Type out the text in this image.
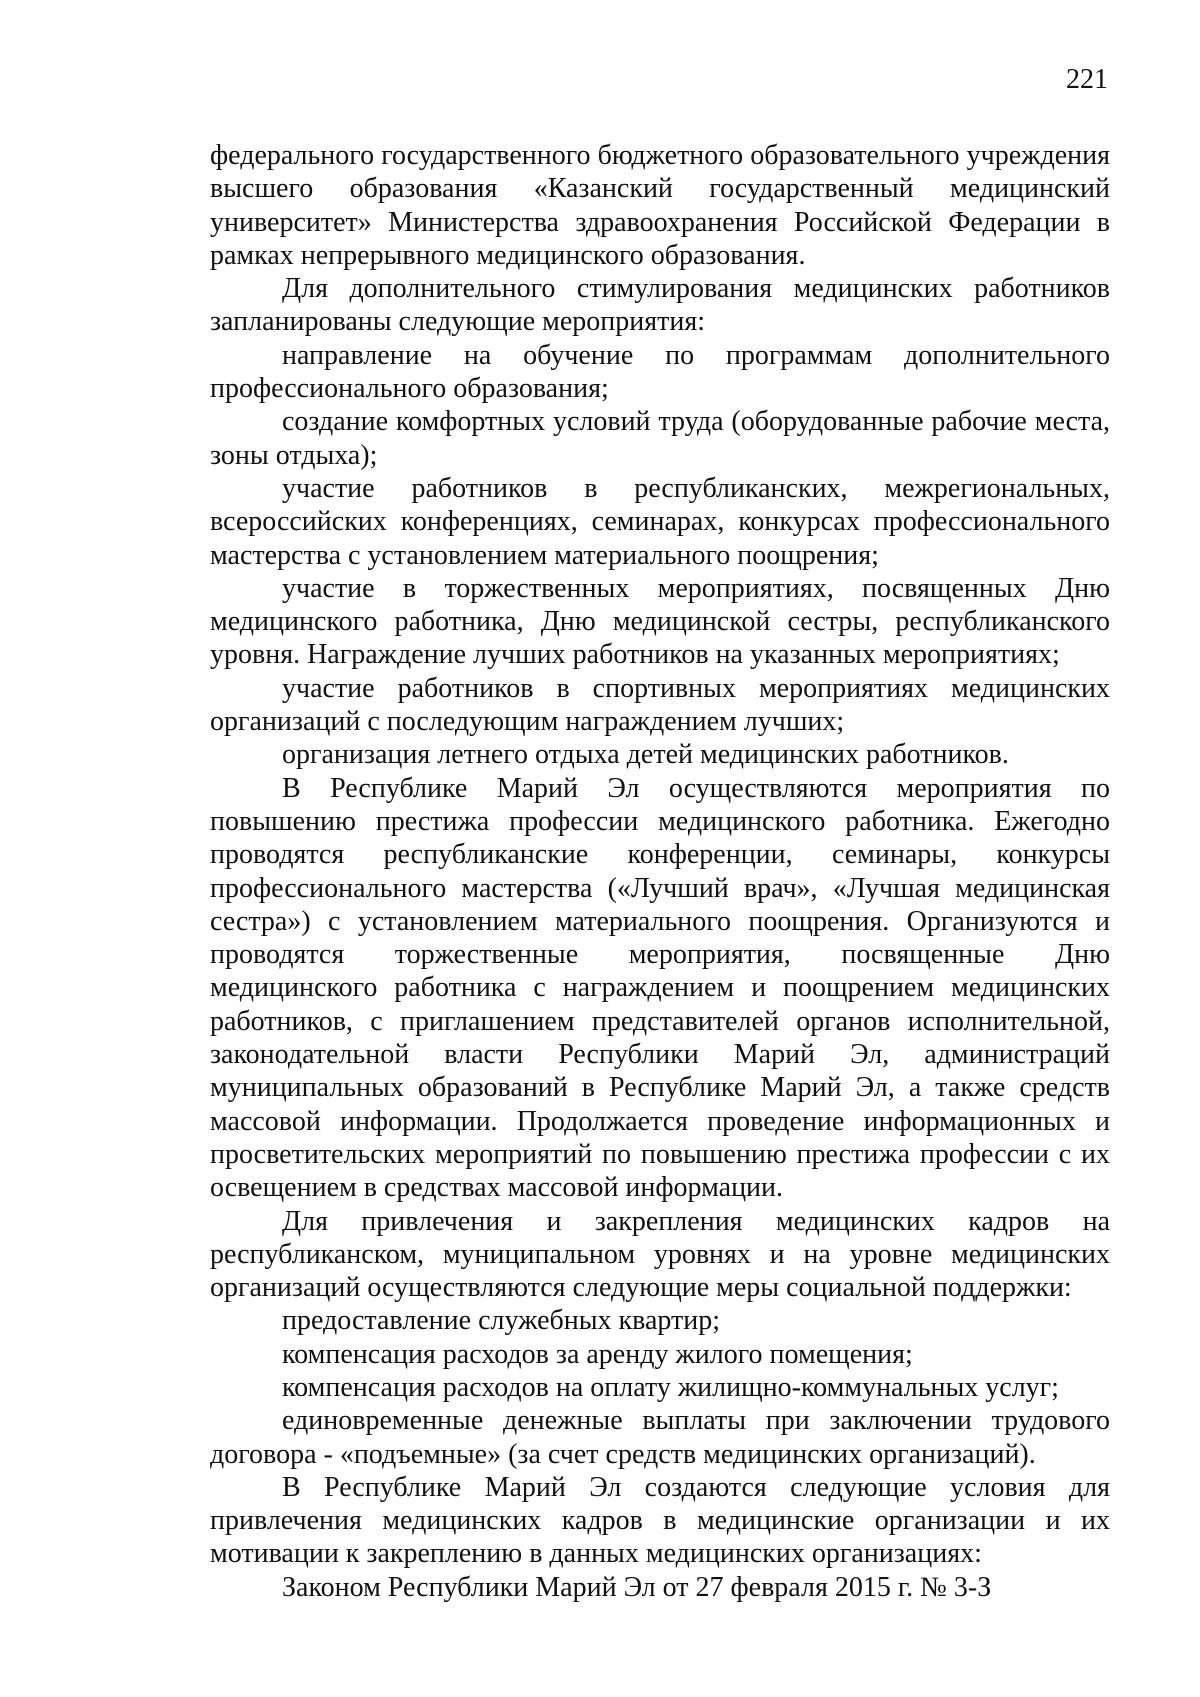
221

федерального государственного бюджетного образовательного учреждения высшего образования «Казанский государственный медицинский университет» Министерства здравоохранения Российской Федерации в рамках непрерывного медицинского образования.

Для дополнительного стимулирования медицинских работников запланированы следующие мероприятия:

направление на обучение по программам дополнительного профессионального образования;

создание комфортных условий труда (оборудованные рабочие места, зоны отдыха);

участие работников в республиканских, межрегиональных, всероссийских конференциях, семинарах, конкурсах профессионального мастерства с установлением материального поощрения;

участие в торжественных мероприятиях, посвященных Дню медицинского работника, Дню медицинской сестры, республиканского уровня. Награждение лучших работников на указанных мероприятиях;

участие работников в спортивных мероприятиях медицинских организаций с последующим награждением лучших;

организация летнего отдыха детей медицинских работников.

В Республике Марий Эл осуществляются мероприятия по повышению престижа профессии медицинского работника. Ежегодно проводятся республиканские конференции, семинары, конкурсы профессионального мастерства («Лучший врач», «Лучшая медицинская сестра») с установлением материального поощрения. Организуются и проводятся торжественные мероприятия, посвященные Дню медицинского работника с награждением и поощрением медицинских работников, с приглашением представителей органов исполнительной, законодательной власти Республики Марий Эл, администраций муниципальных образований в Республике Марий Эл, а также средств массовой информации. Продолжается проведение информационных и просветительских мероприятий по повышению престижа профессии с их освещением в средствах массовой информации.

Для привлечения и закрепления медицинских кадров на республиканском, муниципальном уровнях и на уровне медицинских организаций осуществляются следующие меры социальной поддержки:

предоставление служебных квартир;

компенсация расходов за аренду жилого помещения;

компенсация расходов на оплату жилищно-коммунальных услуг;

единовременные денежные выплаты при заключении трудового договора - «подъемные» (за счет средств медицинских организаций).

В Республике Марий Эл создаются следующие условия для привлечения медицинских кадров в медицинские организации и их мотивации к закреплению в данных медицинских организациях:

Законом Республики Марий Эл от 27 февраля 2015 г. № 3-З
